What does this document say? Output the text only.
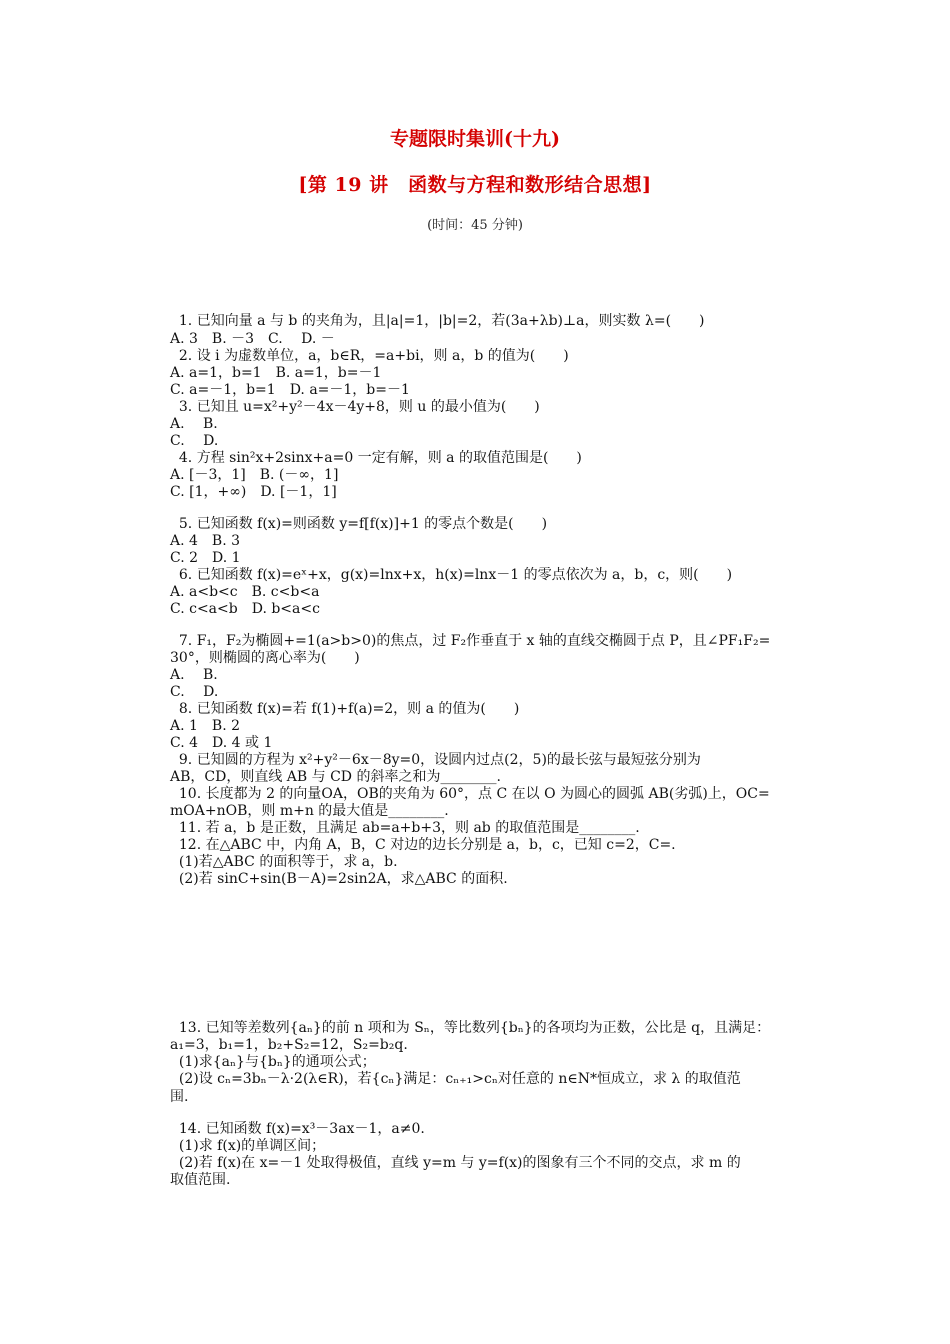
专题限时集训(十九)
[第 19 讲　函数与方程和数形结合思想]
(时间：45 分钟)
1. 已知向量 a 与 b 的夹角为，且|a|=1，|b|=2，若(3a+λb)⊥a，则实数 λ=(　　)
A. 3　B. －3　C. 　D. －
2. 设 i 为虚数单位，a，b∈R，=a+bi，则 a，b 的值为(　　)
A. a=1，b=1　B. a=1，b=－1
C. a=－1，b=1　D. a=－1，b=－1
3. 已知且 u=x²+y²－4x－4y+8，则 u 的最小值为(　　)
A. 　B.
C. 　D.
4. 方程 sin²x+2sinx+a=0 一定有解，则 a 的取值范围是(　　)
A. [－3，1]　B. (－∞，1]
C. [1，+∞)　D. [－1，1]
5. 已知函数 f(x)=则函数 y=f[f(x)]+1 的零点个数是(　　)
A. 4　B. 3
C. 2　D. 1
6. 已知函数 f(x)=eˣ+x，g(x)=lnx+x，h(x)=lnx－1 的零点依次为 a，b，c，则(　　)
A. a<b<c　B. c<b<a
C. c<a<b　D. b<a<c
7. F₁，F₂为椭圆+=1(a>b>0)的焦点，过 F₂作垂直于 x 轴的直线交椭圆于点 P，且∠PF₁F₂=
30°，则椭圆的离心率为(　　)
A. 　B.
C. 　D.
8. 已知函数 f(x)=若 f(1)+f(a)=2，则 a 的值为(　　)
A. 1　B. 2
C. 4　D. 4 或 1
9. 已知圆的方程为 x²+y²－6x－8y=0，设圆内过点(2，5)的最长弦与最短弦分别为
AB，CD，则直线 AB 与 CD 的斜率之和为________.
10. 长度都为 2 的向量OA，OB的夹角为 60°，点 C 在以 O 为圆心的圆弧 AB(劣弧)上，OC=
mOA+nOB，则 m+n 的最大值是________.
11. 若 a，b 是正数，且满足 ab=a+b+3，则 ab 的取值范围是________.
12. 在△ABC 中，内角 A，B，C 对边的边长分别是 a，b，c，已知 c=2，C=.
(1)若△ABC 的面积等于，求 a，b.
(2)若 sinC+sin(B－A)=2sin2A，求△ABC 的面积.
13. 已知等差数列{aₙ}的前 n 项和为 Sₙ，等比数列{bₙ}的各项均为正数，公比是 q，且满足：
a₁=3，b₁=1，b₂+S₂=12，S₂=b₂q.
(1)求{aₙ}与{bₙ}的通项公式；
(2)设 cₙ=3bₙ－λ·2(λ∈R)，若{cₙ}满足：cₙ₊₁>cₙ对任意的 n∈N*恒成立，求 λ 的取值范
围.
14. 已知函数 f(x)=x³－3ax－1，a≠0.
(1)求 f(x)的单调区间；
(2)若 f(x)在 x=－1 处取得极值，直线 y=m 与 y=f(x)的图象有三个不同的交点，求 m 的
取值范围.
